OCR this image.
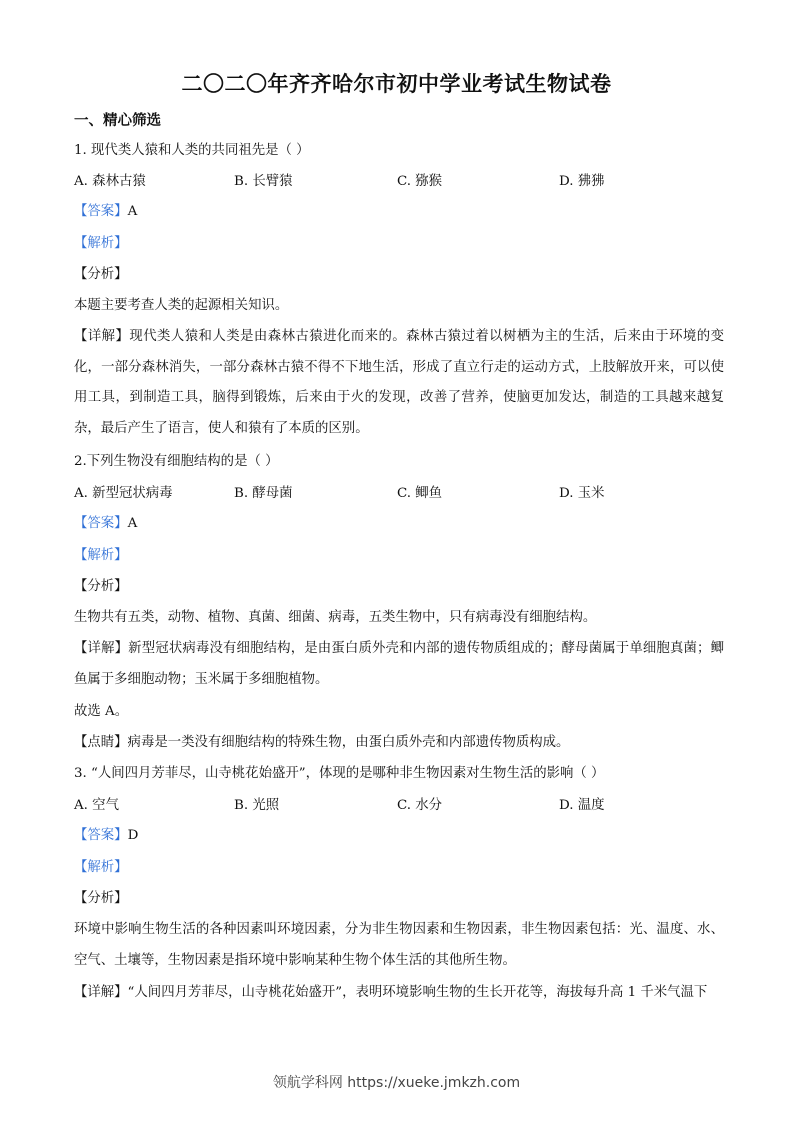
二〇二〇年齐齐哈尔市初中学业考试生物试卷
一、精心筛选
1. 现代类人猿和人类的共同祖先是（ ）
A. 森林古猿	B. 长臂猿	C. 猕猴	D. 狒狒
【答案】A
【解析】
【分析】
本题主要考查人类的起源相关知识。
【详解】现代类人猿和人类是由森林古猿进化而来的。森林古猿过着以树栖为主的生活，后来由于环境的变化，一部分森林消失，一部分森林古猿不得不下地生活，形成了直立行走的运动方式，上肢解放开来，可以使用工具，到制造工具，脑得到锻炼，后来由于火的发现，改善了营养，使脑更加发达，制造的工具越来越复杂，最后产生了语言，使人和猿有了本质的区别。
2.下列生物没有细胞结构的是（ ）
A. 新型冠状病毒	B. 酵母菌	C. 鲫鱼	D. 玉米
【答案】A
【解析】
【分析】
生物共有五类，动物、植物、真菌、细菌、病毒，五类生物中，只有病毒没有细胞结构。
【详解】新型冠状病毒没有细胞结构，是由蛋白质外壳和内部的遗传物质组成的；酵母菌属于单细胞真菌；鲫鱼属于多细胞动物；玉米属于多细胞植物。
故选 A。
【点睛】病毒是一类没有细胞结构的特殊生物，由蛋白质外壳和内部遗传物质构成。
3. “人间四月芳菲尽，山寺桃花始盛开”，体现的是哪种非生物因素对生物生活的影响（ ）
A. 空气	B. 光照	C. 水分	D. 温度
【答案】D
【解析】
【分析】
环境中影响生物生活的各种因素叫环境因素，分为非生物因素和生物因素，非生物因素包括：光、温度、水、空气、土壤等，生物因素是指环境中影响某种生物个体生活的其他所生物。
【详解】“人间四月芳菲尽，山寺桃花始盛开”，表明环境影响生物的生长开花等，海拔每升高 1 千米气温下
领航学科网 https://xueke.jmkzh.com
